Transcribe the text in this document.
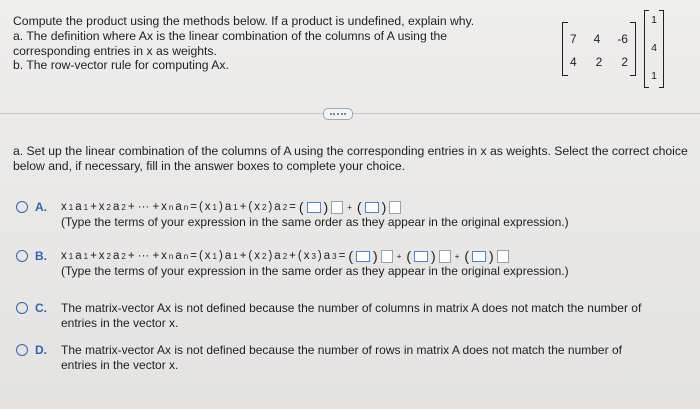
Compute the product using the methods below. If a product is undefined, explain why.
a. The definition where Ax is the linear combination of the columns of A using the
corresponding entries in x as weights.
b. The row-vector rule for computing Ax.
7 4 -6
4 2 2
1
4
1
a. Set up the linear combination of the columns of A using the corresponding entries in x as weights. Select the correct choice below and, if necessary, fill in the answer boxes to complete your choice.
A. x 1 a 1 + x 2 a 2 + ··· + x n a n = ( x 1 ) a 1 + ( x 2 ) a 2 = ( ) + ( )
(Type the terms of your expression in the same order as they appear in the original expression.)
B. x 1 a 1 + x 2 a 2 + ··· + x n a n = ( x 1 ) a 1 + ( x 2 ) a 2 + ( x 3 ) a 3 = ( ) + ( ) + ( )
(Type the terms of your expression in the same order as they appear in the original expression.)
C. The matrix-vector Ax is not defined because the number of columns in matrix A does not match the number of
entries in the vector x.
D. The matrix-vector Ax is not defined because the number of rows in matrix A does not match the number of
entries in the vector x.
